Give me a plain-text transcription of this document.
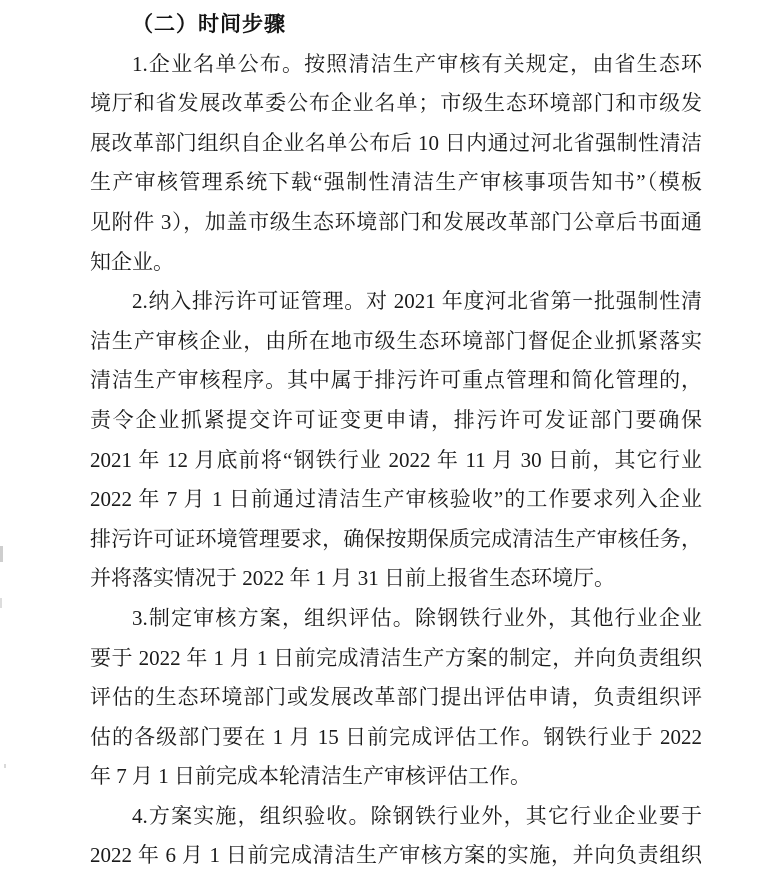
（二）时间步骤
1.企业名单公布。按照清洁生产审核有关规定，由省生态环
境厅和省发展改革委公布企业名单；市级生态环境部门和市级发
展改革部门组织自企业名单公布后 10 日内通过河北省强制性清洁
生产审核管理系统下载“强制性清洁生产审核事项告知书”（模板
见附件 3），加盖市级生态环境部门和发展改革部门公章后书面通
知企业。
2.纳入排污许可证管理。对 2021 年度河北省第一批强制性清
洁生产审核企业，由所在地市级生态环境部门督促企业抓紧落实
清洁生产审核程序。其中属于排污许可重点管理和简化管理的，
责令企业抓紧提交许可证变更申请，排污许可发证部门要确保
2021 年 12 月底前将“钢铁行业 2022 年 11 月 30 日前，其它行业
2022 年 7 月 1 日前通过清洁生产审核验收”的工作要求列入企业
排污许可证环境管理要求，确保按期保质完成清洁生产审核任务，
并将落实情况于 2022 年 1 月 31 日前上报省生态环境厅。
3.制定审核方案，组织评估。除钢铁行业外，其他行业企业
要于 2022 年 1 月 1 日前完成清洁生产方案的制定，并向负责组织
评估的生态环境部门或发展改革部门提出评估申请，负责组织评
估的各级部门要在 1 月 15 日前完成评估工作。钢铁行业于 2022
年 7 月 1 日前完成本轮清洁生产审核评估工作。
4.方案实施，组织验收。除钢铁行业外，其它行业企业要于
2022 年 6 月 1 日前完成清洁生产审核方案的实施，并向负责组织
